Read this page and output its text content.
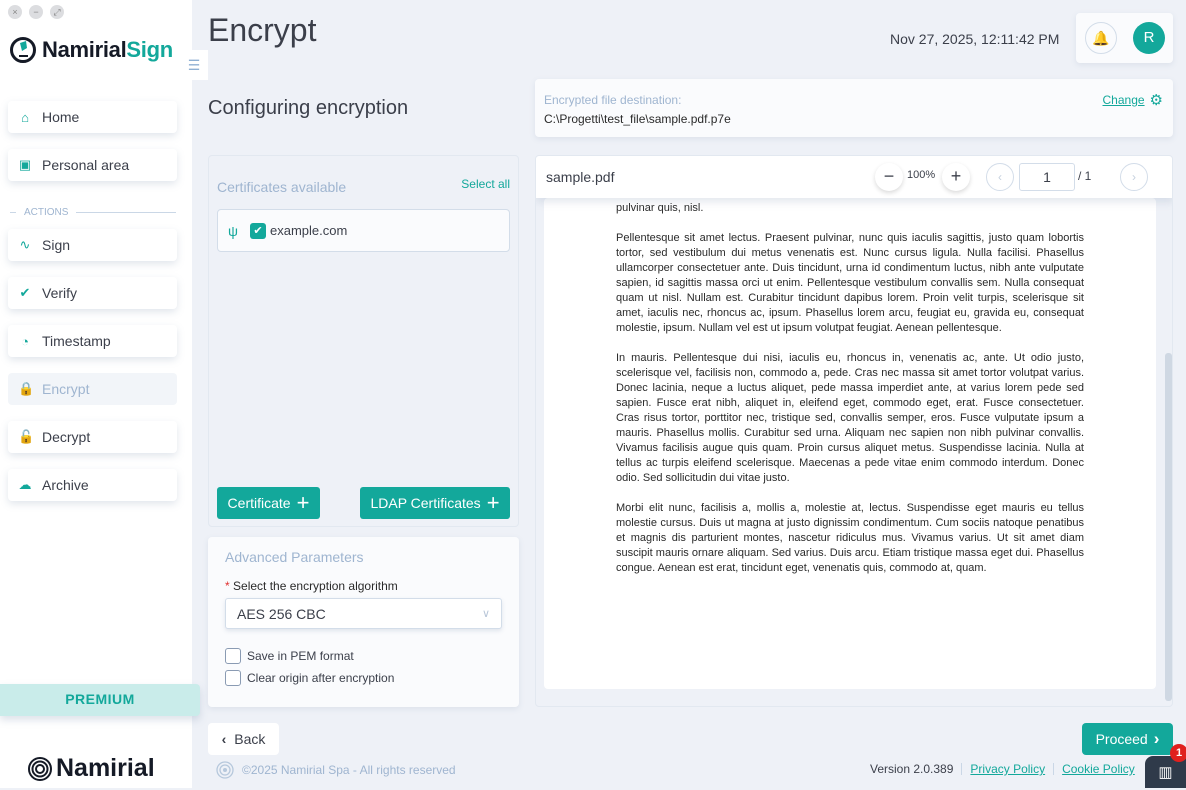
×	−	⤢
NamirialSign
☰
⌂ Home
▣ Personal area
ACTIONS
∿ Sign
✔ Verify
◔ Timestamp
🔒 Encrypt
🔓 Decrypt
☁ Archive
PREMIUM
Namirial
Encrypt	Nov 27, 2025, 12:11:42 PM	🔔	R
Configuring encryption	Encrypted file destination:
C:\Progetti\test_file\sample.pdf.p7e
Change ⚙
Certificates available	Select all
ψ	✔ example.com
Certificate +	LDAP Certificates +
Advanced Parameters
* Select the encryption algorithm
AES 256 CBC	∨
Save in PEM format
Clear origin after encryption

pulvinar quis, nisl.

Pellentesque sit amet lectus. Praesent pulvinar, nunc quis iaculis sagittis, justo quam lobortis tortor, sed vestibulum dui metus venenatis est. Nunc cursus ligula. Nulla facilisi. Phasellus ullamcorper consectetuer ante. Duis tincidunt, urna id condimentum luctus, nibh ante vulputate sapien, id sagittis massa orci ut enim. Pellentesque vestibulum convallis sem. Nulla consequat quam ut nisl. Nullam est. Curabitur tincidunt dapibus lorem. Proin velit turpis, scelerisque sit amet, iaculis nec, rhoncus ac, ipsum. Phasellus lorem arcu, feugiat eu, gravida eu, consequat molestie, ipsum. Nullam vel est ut ipsum volutpat feugiat. Aenean pellentesque.

In mauris. Pellentesque dui nisi, iaculis eu, rhoncus in, venenatis ac, ante. Ut odio justo, scelerisque vel, facilisis non, commodo a, pede. Cras nec massa sit amet tortor volutpat varius. Donec lacinia, neque a luctus aliquet, pede massa imperdiet ante, at varius lorem pede sed sapien. Fusce erat nibh, aliquet in, eleifend eget, commodo eget, erat. Fusce consectetuer. Cras risus tortor, porttitor nec, tristique sed, convallis semper, eros. Fusce vulputate ipsum a mauris. Phasellus mollis. Curabitur sed urna. Aliquam nec sapien non nibh pulvinar convallis. Vivamus facilisis augue quis quam. Proin cursus aliquet metus. Suspendisse lacinia. Nulla at tellus ac turpis eleifend scelerisque. Maecenas a pede vitae enim commodo interdum. Donec odio. Sed sollicitudin dui vitae justo.

Morbi elit nunc, facilisis a, mollis a, molestie at, lectus. Suspendisse eget mauris eu tellus molestie cursus. Duis ut magna at justo dignissim condimentum. Cum sociis natoque penatibus et magnis dis parturient montes, nascetur ridiculus mus. Vivamus varius. Ut sit amet diam suscipit mauris ornare aliquam. Sed varius. Duis arcu. Etiam tristique massa eget dui. Phasellus congue. Aenean est erat, tincidunt eget, venenatis quis, commodo at, quam.

sample.pdf	−	100% +	‹	1	/ 1	›
‹ Back	Proceed ›
©2025 Namirial Spa - All rights reserved	Version 2.0.389 Privacy Policy Cookie Policy	▥
1
